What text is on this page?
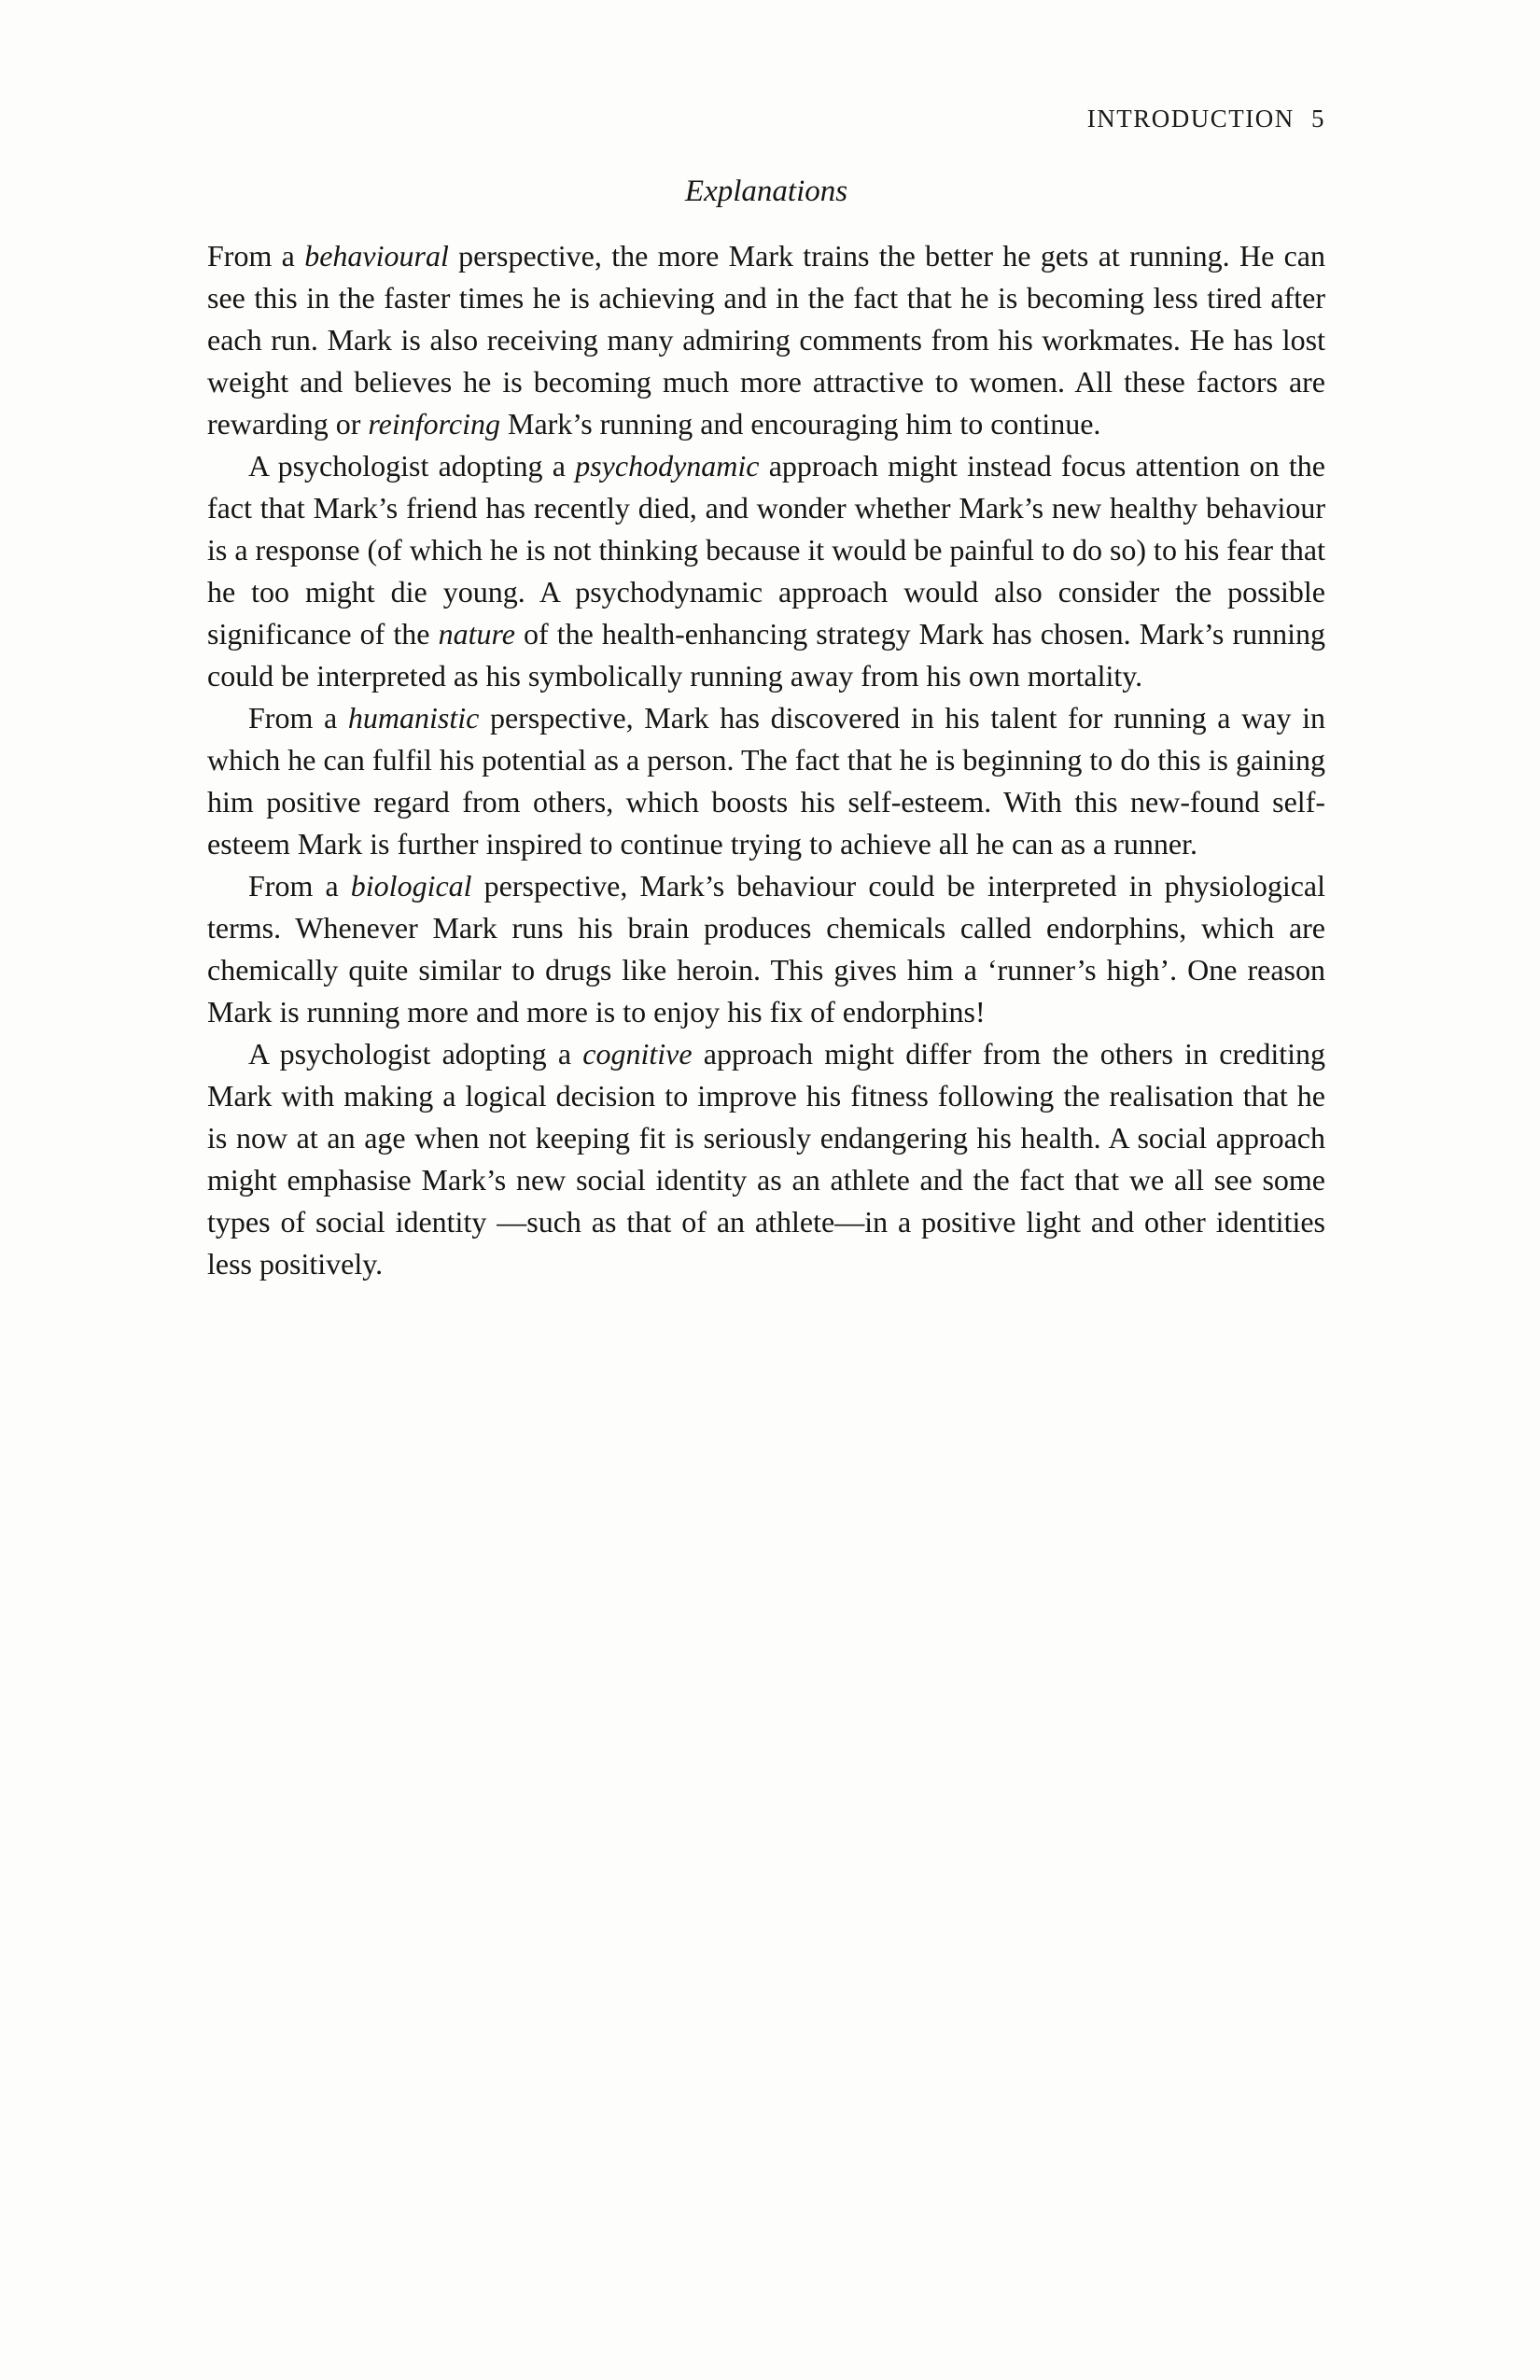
INTRODUCTION 5
Explanations

From a behavioural perspective, the more Mark trains the better he gets at running. He can see this in the faster times he is achieving and in the fact that he is becoming less tired after each run. Mark is also receiving many admiring comments from his workmates. He has lost weight and believes he is becoming much more attractive to women. All these factors are rewarding or reinforcing Mark’s running and encouraging him to continue.

A psychologist adopting a psychodynamic approach might instead focus attention on the fact that Mark’s friend has recently died, and wonder whether Mark’s new healthy behaviour is a response (of which he is not thinking because it would be painful to do so) to his fear that he too might die young. A psychodynamic approach would also consider the possible significance of the nature of the health-enhancing strategy Mark has chosen. Mark’s running could be interpreted as his symbolically running away from his own mortality.

From a humanistic perspective, Mark has discovered in his talent for running a way in which he can fulfil his potential as a person. The fact that he is beginning to do this is gaining him positive regard from others, which boosts his self-esteem. With this new-found self-esteem Mark is further inspired to continue trying to achieve all he can as a runner.

From a biological perspective, Mark’s behaviour could be interpreted in physiological terms. Whenever Mark runs his brain produces chemicals called endorphins, which are chemically quite similar to drugs like heroin. This gives him a ‘runner’s high’. One reason Mark is running more and more is to enjoy his fix of endorphins!

A psychologist adopting a cognitive approach might differ from the others in crediting Mark with making a logical decision to improve his fitness following the realisation that he is now at an age when not keeping fit is seriously endangering his health. A social approach might emphasise Mark’s new social identity as an athlete and the fact that we all see some types of social identity —such as that of an athlete—in a positive light and other identities less positively.
